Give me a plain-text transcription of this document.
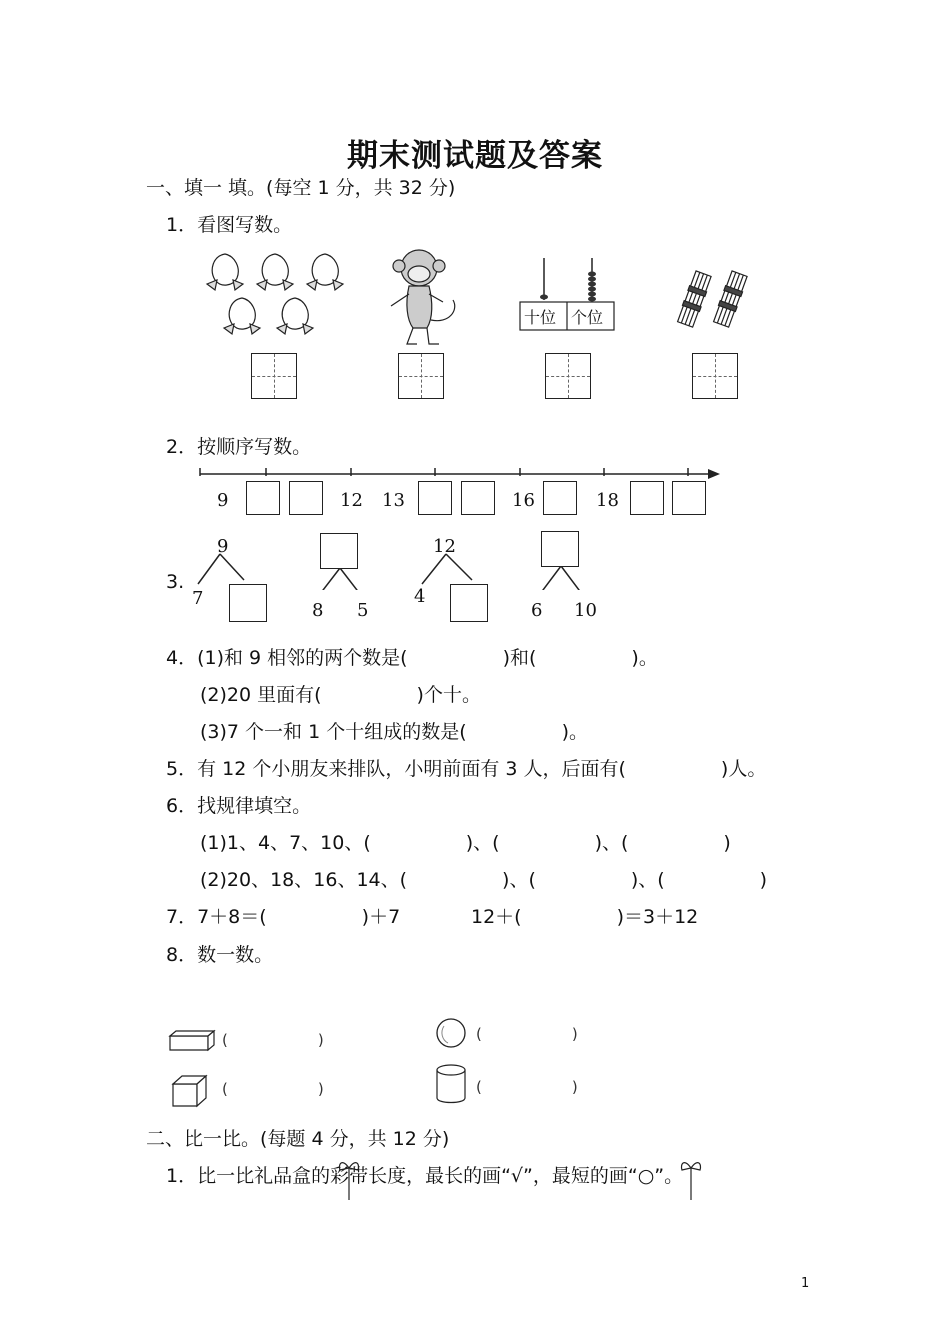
期末测试题及答案
一、填一 填。(每空 1 分，共 32 分)
1．看图写数。
十位 个位
2．按顺序写数。
9	12 13	16	18
3.
9
7
8 5
12
4
6 10
4．(1)和 9 相邻的两个数是(　　　　　)和(　　　　　)。
(2)20 里面有(　　　　　)个十。
(3)7 个一和 1 个十组成的数是(　　　　　)。
5．有 12 个小朋友来排队，小明前面有 3 人，后面有(　　　　　)人。
6．找规律填空。
(1)1、4、7、10、(　　　　　)、(　　　　　)、(　　　　　)
(2)20、18、16、14、(　　　　　)、(　　　　　)、(　　　　　)
7．7＋8＝(　　　　　)＋7	12＋(　　　　　)＝3＋12
8．数一数。
(　　　　　　)	(　　　　　　)
(　　　　　　)	(　　　　　　)
二、比一比。(每题 4 分，共 12 分)
1．比一比礼品盒的彩带长度，最长的画“√”，最短的画“○”。
1
